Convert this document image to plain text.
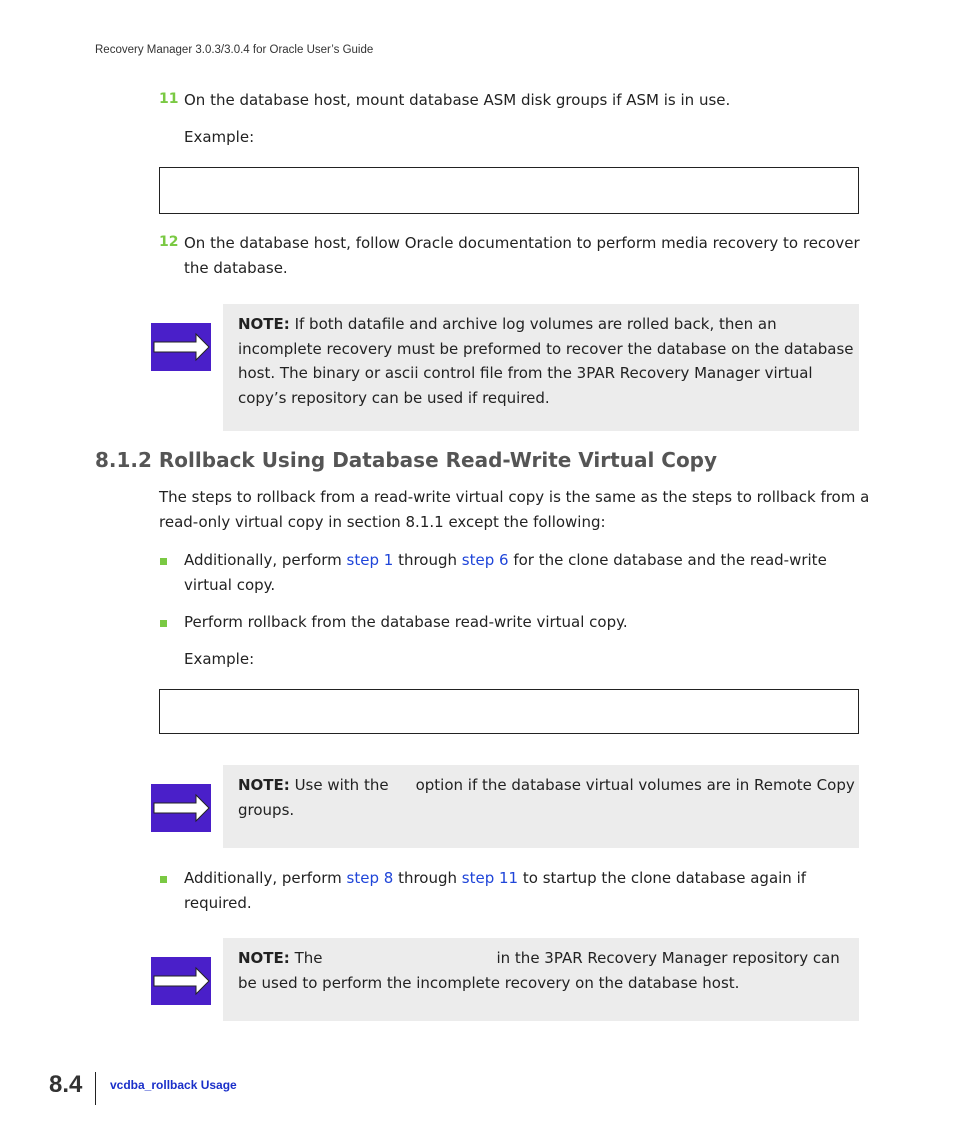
Recovery Manager 3.0.3/3.0.4 for Oracle User’s Guide
11 On the database host, mount database ASM disk groups if ASM is in use.
Example:
12 On the database host, follow Oracle documentation to perform media recovery to recover
the database.
NOTE: If both datafile and archive log volumes are rolled back, then an
incomplete recovery must be preformed to recover the database on the database
host. The binary or ascii control file from the 3PAR Recovery Manager virtual
copy’s repository can be used if required.
8.1.2 Rollback Using Database Read-Write Virtual Copy
The steps to rollback from a read-write virtual copy is the same as the steps to rollback from a
read-only virtual copy in section 8.1.1 except the following:
Additionally, perform step 1 through step 6 for the clone database and the read-write
virtual copy.
Perform rollback from the database read-write virtual copy.
Example:
NOTE: Use with the option if the database virtual volumes are in Remote Copy
groups.
Additionally, perform step 8 through step 11 to startup the clone database again if
required.
NOTE: The	in the 3PAR Recovery Manager repository can
be used to perform the incomplete recovery on the database host.
8.4 vcdba_rollback Usage
